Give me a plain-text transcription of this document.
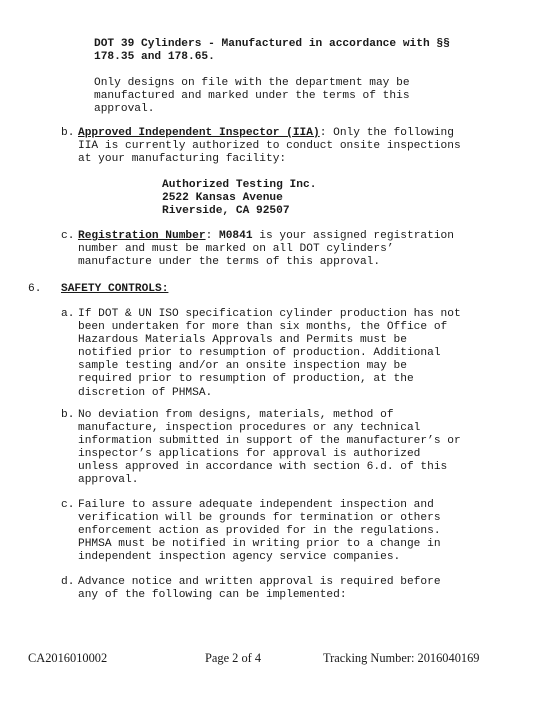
DOT 39 Cylinders - Manufactured in accordance with §§
178.35 and 178.65.
Only designs on file with the department may be
manufactured and marked under the terms of this
approval.
b. Approved Independent Inspector (IIA): Only the following
IIA is currently authorized to conduct onsite inspections
at your manufacturing facility:
Authorized Testing Inc.
2522 Kansas Avenue
Riverside, CA 92507
c. Registration Number: M0841 is your assigned registration
number and must be marked on all DOT cylinders’
manufacture under the terms of this approval.
6. SAFETY CONTROLS:
a. If DOT & UN ISO specification cylinder production has not
been undertaken for more than six months, the Office of
Hazardous Materials Approvals and Permits must be
notified prior to resumption of production. Additional
sample testing and/or an onsite inspection may be
required prior to resumption of production, at the
discretion of PHMSA.
b. No deviation from designs, materials, method of
manufacture, inspection procedures or any technical
information submitted in support of the manufacturer’s or
inspector’s applications for approval is authorized
unless approved in accordance with section 6.d. of this
approval.
c. Failure to assure adequate independent inspection and
verification will be grounds for termination or others
enforcement action as provided for in the regulations.
PHMSA must be notified in writing prior to a change in
independent inspection agency service companies.
d. Advance notice and written approval is required before
any of the following can be implemented:
CA2016010002	Page 2 of 4	Tracking Number: 2016040169
